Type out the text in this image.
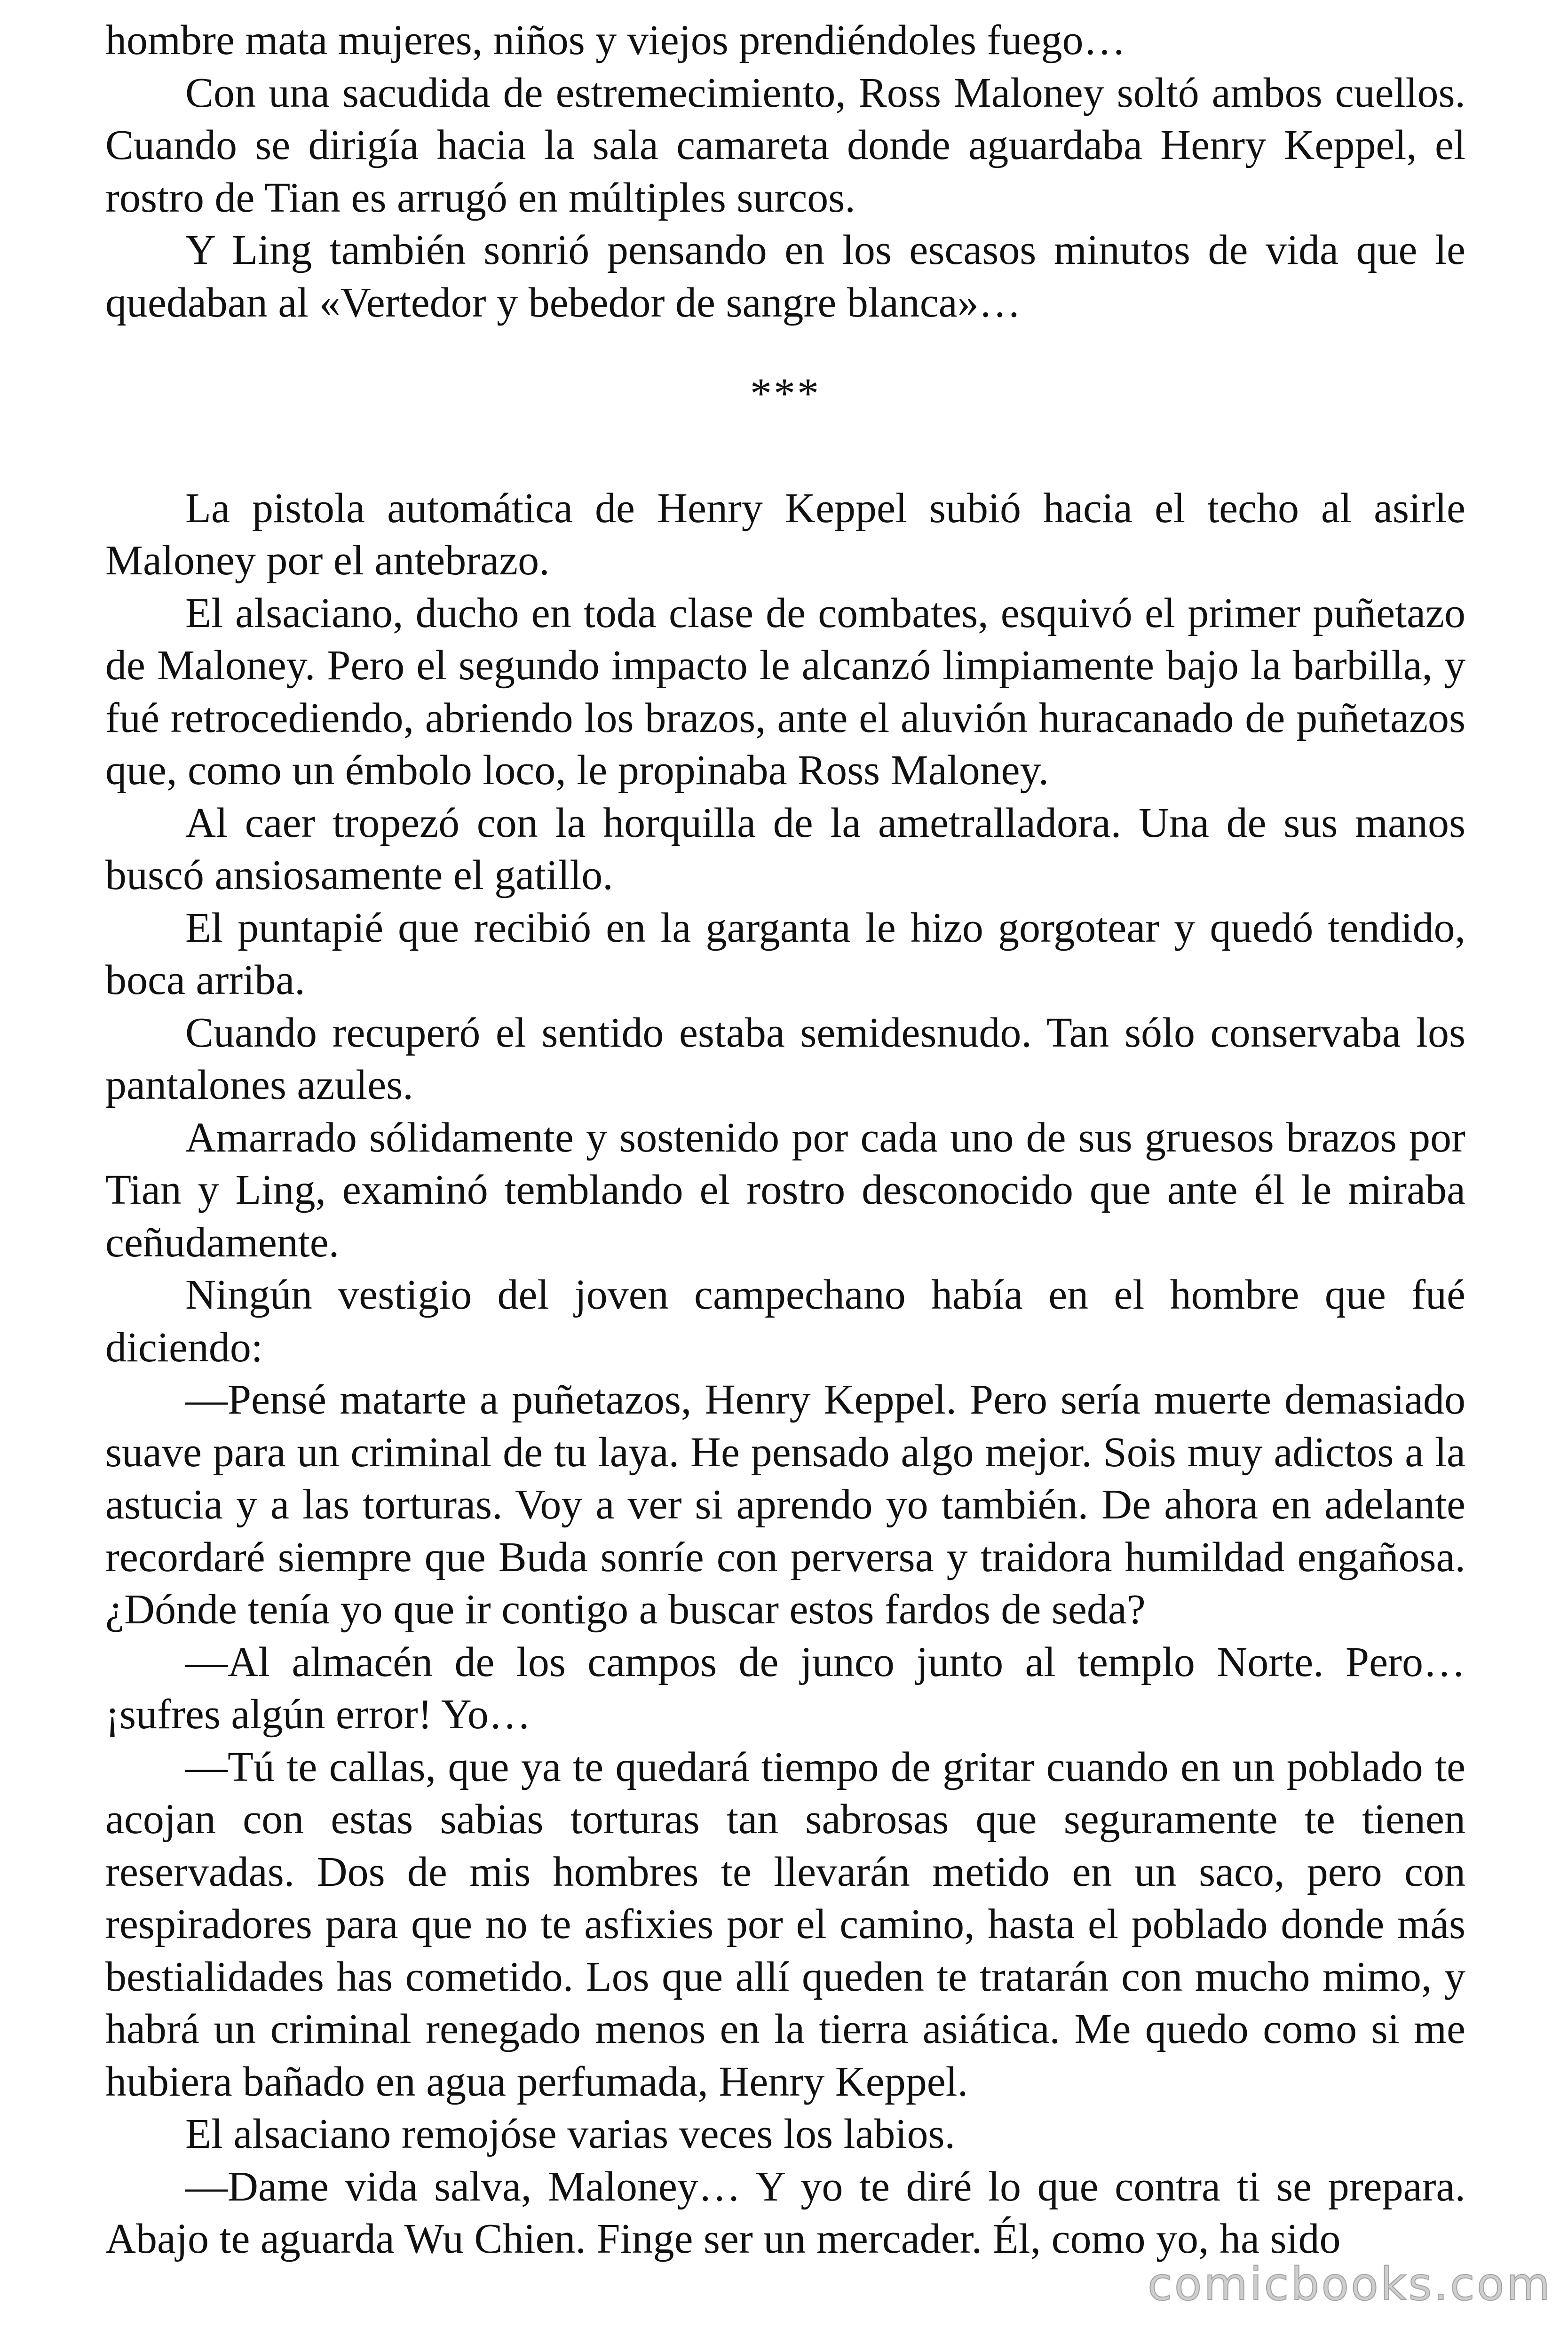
hombre mata mujeres, niños y viejos prendiéndoles fuego…

Con una sacudida de estremecimiento, Ross Maloney soltó ambos cuellos. Cuando se dirigía hacia la sala camareta donde aguardaba Henry Keppel, el rostro de Tian es arrugó en múltiples surcos.

Y Ling también sonrió pensando en los escasos minutos de vida que le quedaban al «Vertedor y bebedor de sangre blanca»…

***

La pistola automática de Henry Keppel subió hacia el techo al asirle Maloney por el antebrazo.

El alsaciano, ducho en toda clase de combates, esquivó el primer puñetazo de Maloney. Pero el segundo impacto le alcanzó limpiamente bajo la barbilla, y fué retrocediendo, abriendo los brazos, ante el aluvión huracanado de puñetazos que, como un émbolo loco, le propinaba Ross Maloney.

Al caer tropezó con la horquilla de la ametralladora. Una de sus manos buscó ansiosamente el gatillo.

El puntapié que recibió en la garganta le hizo gorgotear y quedó tendido, boca arriba.

Cuando recuperó el sentido estaba semidesnudo. Tan sólo conservaba los pantalones azules.

Amarrado sólidamente y sostenido por cada uno de sus gruesos brazos por Tian y Ling, examinó temblando el rostro desconocido que ante él le miraba ceñudamente.

Ningún vestigio del joven campechano había en el hombre que fué diciendo:

—Pensé matarte a puñetazos, Henry Keppel. Pero sería muerte demasiado suave para un criminal de tu laya. He pensado algo mejor. Sois muy adictos a la astucia y a las torturas. Voy a ver si aprendo yo también. De ahora en adelante recordaré siempre que Buda sonríe con perversa y traidora humildad engañosa. ¿Dónde tenía yo que ir contigo a buscar estos fardos de seda?

—Al almacén de los campos de junco junto al templo Norte. Pero… ¡sufres algún error! Yo…

—Tú te callas, que ya te quedará tiempo de gritar cuando en un poblado te acojan con estas sabias torturas tan sabrosas que seguramente te tienen reservadas. Dos de mis hombres te llevarán metido en un saco, pero con respiradores para que no te asfixies por el camino, hasta el poblado donde más bestialidades has cometido. Los que allí queden te tratarán con mucho mimo, y habrá un criminal renegado menos en la tierra asiática. Me quedo como si me hubiera bañado en agua perfumada, Henry Keppel.

El alsaciano remojóse varias veces los labios.

—Dame vida salva, Maloney… Y yo te diré lo que contra ti se prepara. Abajo te aguarda Wu Chien. Finge ser un mercader. Él, como yo, ha sido

comicbooks.com
